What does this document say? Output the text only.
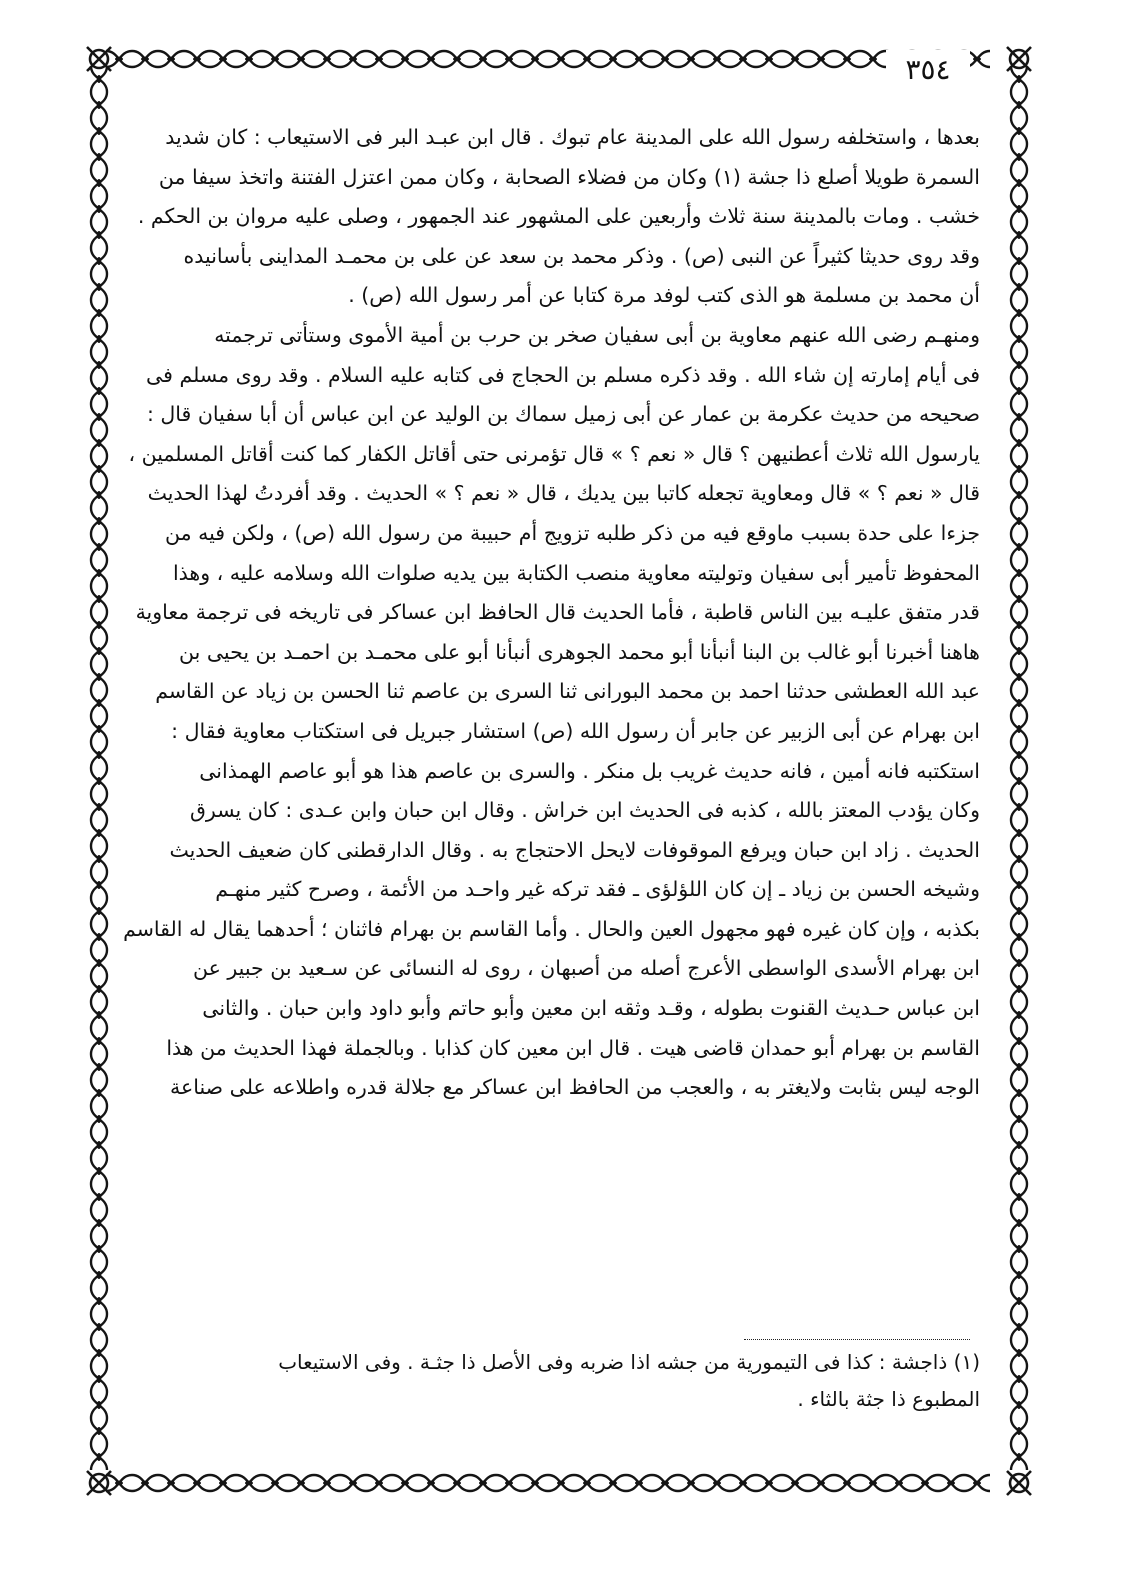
٣٥٤
بعدها ، واستخلفه رسول الله على المدينة عام تبوك . قال ابن عبـد البر فى الاستيعاب : كان شديد
السمرة طويلا أصلع ذا جشة (١) وكان من فضلاء الصحابة ، وكان ممن اعتزل الفتنة واتخذ سيفا من
خشب . ومات بالمدينة سنة ثلاث وأربعين على المشهور عند الجمهور ، وصلى عليه مروان بن الحكم .
وقد روى حديثا كثيراً عن النبى (ص) . وذكر محمد بن سعد عن على بن محمـد المداينى بأسانيده
أن محمد بن مسلمة هو الذى كتب لوفد مرة كتابا عن أمر رسول الله (ص) .
ومنهـم رضى الله عنهم معاوية بن أبى سفيان صخر بن حرب بن أمية الأموى وستأتى ترجمته
فى أيام إمارته إن شاء الله . وقد ذكره مسلم بن الحجاج فى كتابه عليه السلام . وقد روى مسلم فى
صحيحه من حديث عكرمة بن عمار عن أبى زميل سماك بن الوليد عن ابن عباس أن أبا سفيان قال :
يارسول الله ثلاث أعطنيهن ؟ قال « نعم ؟ » قال تؤمرنى حتى أقاتل الكفار كما كنت أقاتل المسلمين ،
قال « نعم ؟ » قال ومعاوية تجعله كاتبا بين يديك ، قال « نعم ؟ » الحديث . وقد أفردتُ لهذا الحديث
جزءا على حدة بسبب ماوقع فيه من ذكر طلبه تزويج أم حبيبة من رسول الله (ص) ، ولكن فيه من
المحفوظ تأمير أبى سفيان وتوليته معاوية منصب الكتابة بين يديه صلوات الله وسلامه عليه ، وهذا
قدر متفق عليـه بين الناس قاطبة ، فأما الحديث قال الحافظ ابن عساكر فى تاريخه فى ترجمة معاوية
هاهنا أخبرنا أبو غالب بن البنا أنبأنا أبو محمد الجوهرى أنبأنا أبو على محمـد بن احمـد بن يحيى بن
عبد الله العطشى حدثنا احمد بن محمد البورانى ثنا السرى بن عاصم ثنا الحسن بن زياد عن القاسم
ابن بهرام عن أبى الزبير عن جابر أن رسول الله (ص) استشار جبريل فى استكتاب معاوية فقال :
استكتبه فانه أمين ، فانه حديث غريب بل منكر . والسرى بن عاصم هذا هو أبو عاصم الهمذانى
وكان يؤدب المعتز بالله ، كذبه فى الحديث ابن خراش . وقال ابن حبان وابن عـدى : كان يسرق
الحديث . زاد ابن حبان ويرفع الموقوفات لايحل الاحتجاج به . وقال الدارقطنى كان ضعيف الحديث
وشيخه الحسن بن زياد ـ إن كان اللؤلؤى ـ فقد تركه غير واحـد من الأئمة ، وصرح كثير منهـم
بكذبه ، وإن كان غيره فهو مجهول العين والحال . وأما القاسم بن بهرام فاثنان ؛ أحدهما يقال له القاسم
ابن بهرام الأسدى الواسطى الأعرج أصله من أصبهان ، روى له النسائى عن سـعيد بن جبير عن
ابن عباس حـديث القنوت بطوله ، وقـد وثقه ابن معين وأبو حاتم وأبو داود وابن حبان . والثانى
القاسم بن بهرام أبو حمدان قاضى هيت . قال ابن معين كان كذابا . وبالجملة فهذا الحديث من هذا
الوجه ليس بثابت ولايغتر به ، والعجب من الحافظ ابن عساكر مع جلالة قدره واطلاعه على صناعة
(١) ذاجشة : كذا فى التيمورية من جشه اذا ضربه وفى الأصل ذا جثـة . وفى الاستيعاب
المطبوع ذا جثة بالثاء .
